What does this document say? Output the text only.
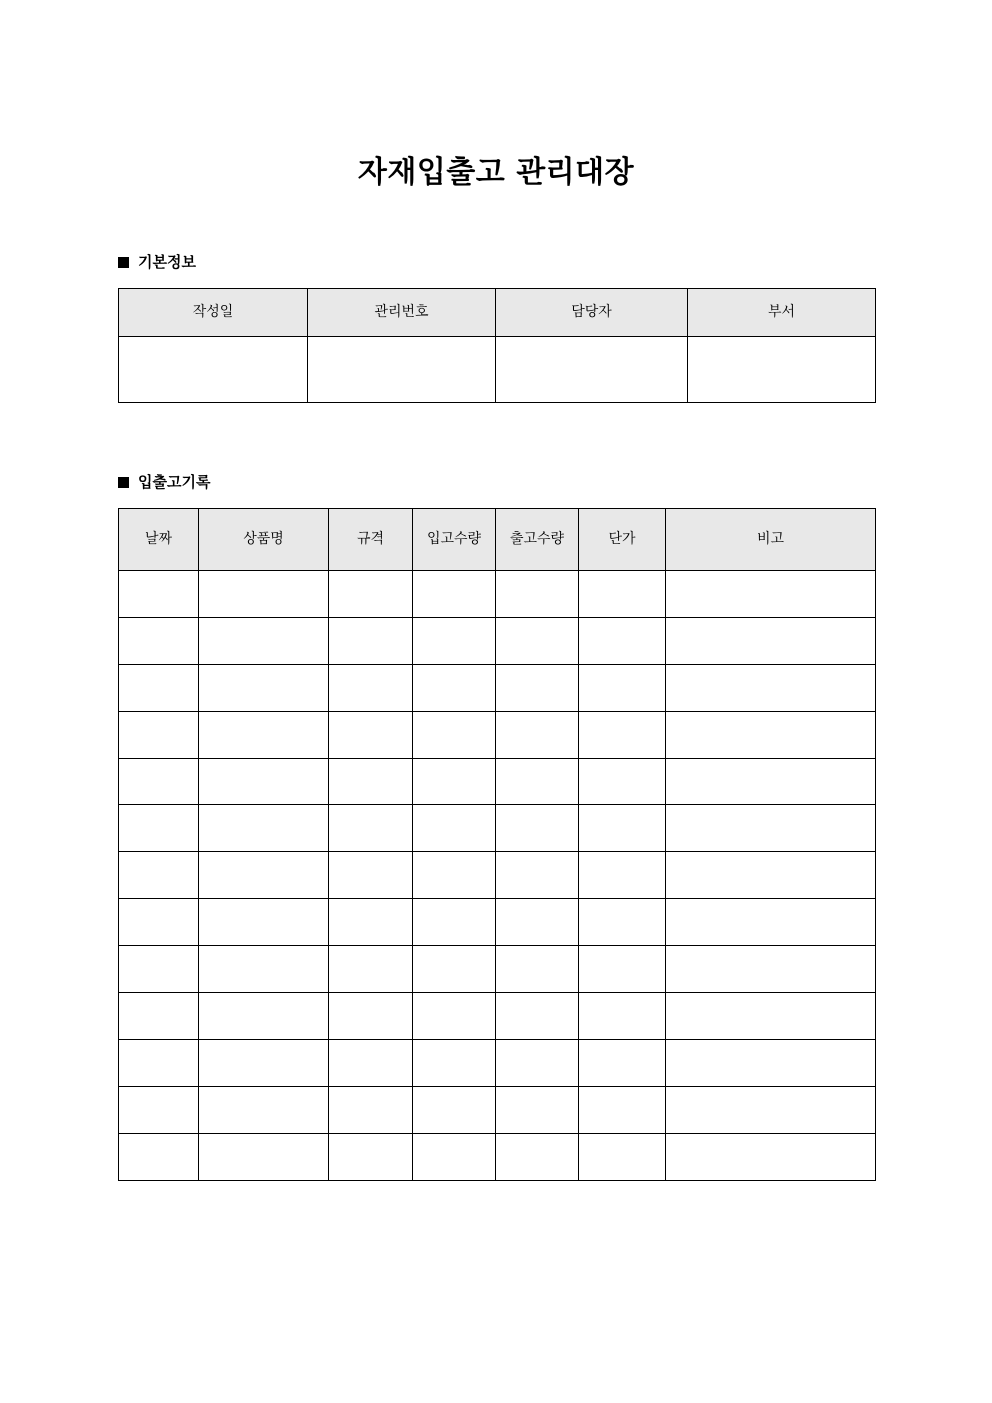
자재입출고 관리대장
기본정보
작성일	관리번호	담당자	부서

입출고기록
날짜	상품명	규격	입고수량	출고수량	단가	비고
